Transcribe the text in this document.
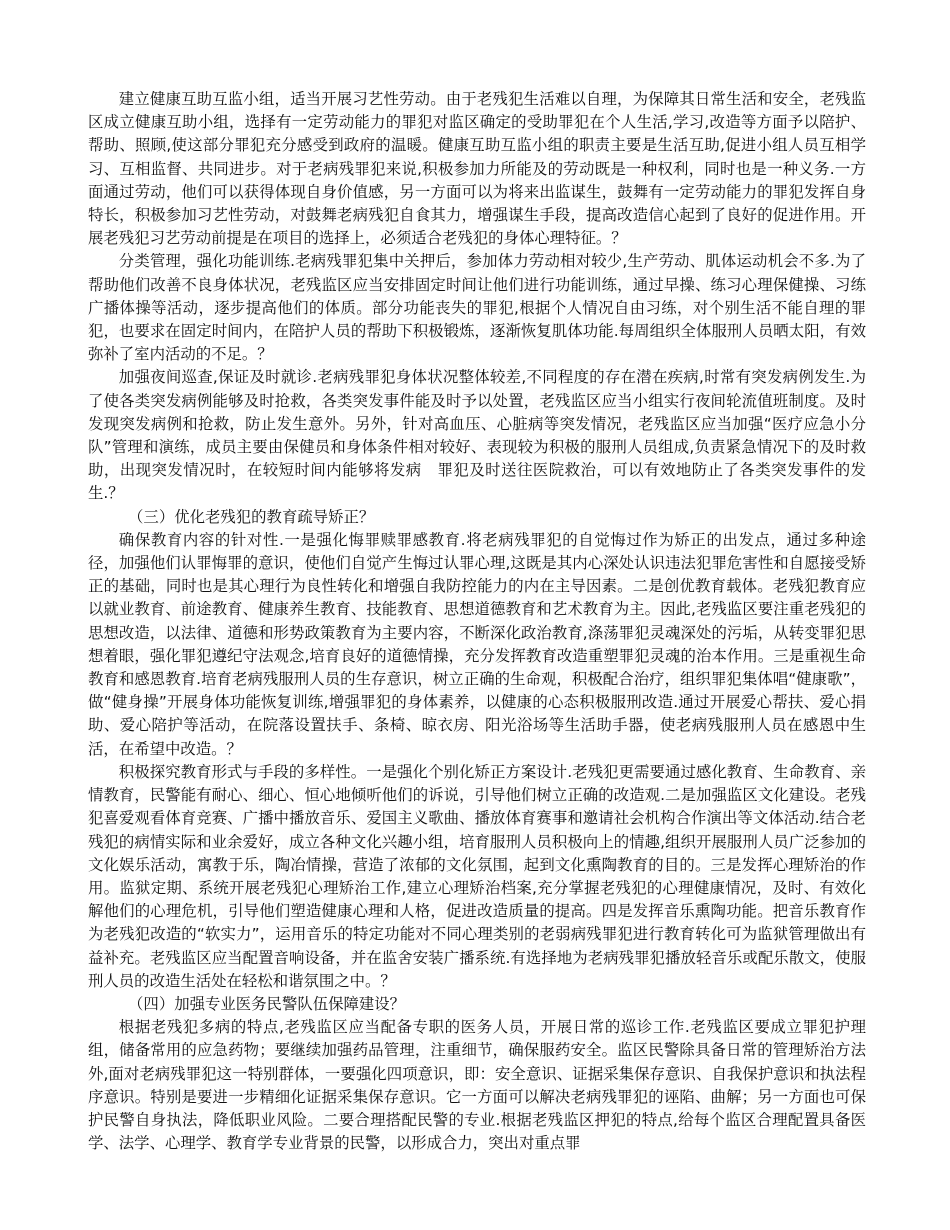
建立健康互助互监小组，适当开展习艺性劳动。由于老残犯生活难以自理，为保障其日常生活和安全，老残监区成立健康互助小组，选择有一定劳动能力的罪犯对监区确定的受助罪犯在个人生活,学习,改造等方面予以陪护、帮助、照顾,使这部分罪犯充分感受到政府的温暖。健康互助互监小组的职责主要是生活互助,促进小组人员互相学习、互相监督、共同进步。对于老病残罪犯来说,积极参加力所能及的劳动既是一种权利，同时也是一种义务.一方面通过劳动，他们可以获得体现自身价值感，另一方面可以为将来出监谋生，鼓舞有一定劳动能力的罪犯发挥自身特长，积极参加习艺性劳动，对鼓舞老病残犯自食其力，增强谋生手段，提高改造信心起到了良好的促进作用。开展老残犯习艺劳动前提是在项目的选择上，必须适合老残犯的身体心理特征。？

分类管理，强化功能训练.老病残罪犯集中关押后，参加体力劳动相对较少,生产劳动、肌体运动机会不多.为了帮助他们改善不良身体状况，老残监区应当安排固定时间让他们进行功能训练，通过早操、练习心理保健操、习练广播体操等活动，逐步提高他们的体质。部分功能丧失的罪犯,根据个人情况自由习练，对个别生活不能自理的罪犯，也要求在固定时间内，在陪护人员的帮助下积极锻炼，逐渐恢复肌体功能.每周组织全体服刑人员晒太阳，有效弥补了室内活动的不足。？

加强夜间巡查,保证及时就诊.老病残罪犯身体状况整体较差,不同程度的存在潜在疾病,时常有突发病例发生.为了使各类突发病例能够及时抢救，各类突发事件能及时予以处置，老残监区应当小组实行夜间轮流值班制度。及时发现突发病例和抢救，防止发生意外。另外，针对高血压、心脏病等突发情况，老残监区应当加强“医疗应急小分队”管理和演练，成员主要由保健员和身体条件相对较好、表现较为积极的服刑人员组成,负责紧急情况下的及时救助，出现突发情况时，在较短时间内能够将发病　罪犯及时送往医院救治，可以有效地防止了各类突发事件的发生.？

（三）优化老残犯的教育疏导矫正？

确保教育内容的针对性.一是强化悔罪赎罪感教育.将老病残罪犯的自觉悔过作为矫正的出发点，通过多种途径，加强他们认罪悔罪的意识，使他们自觉产生悔过认罪心理,这既是其内心深处认识违法犯罪危害性和自愿接受矫正的基础，同时也是其心理行为良性转化和增强自我防控能力的内在主导因素。二是创优教育载体。老残犯教育应以就业教育、前途教育、健康养生教育、技能教育、思想道德教育和艺术教育为主。因此,老残监区要注重老残犯的思想改造，以法律、道德和形势政策教育为主要内容，不断深化政治教育,涤荡罪犯灵魂深处的污垢，从转变罪犯思想着眼，强化罪犯遵纪守法观念,培育良好的道德情操，充分发挥教育改造重塑罪犯灵魂的治本作用。三是重视生命教育和感恩教育.培育老病残服刑人员的生存意识，树立正确的生命观，积极配合治疗，组织罪犯集体唱“健康歌”，做“健身操”开展身体功能恢复训练,增强罪犯的身体素养，以健康的心态积极服刑改造.通过开展爱心帮扶、爱心捐助、爱心陪护等活动，在院落设置扶手、条椅、晾衣房、阳光浴场等生活助手器，使老病残服刑人员在感恩中生活，在希望中改造。？

积极探究教育形式与手段的多样性。一是强化个别化矫正方案设计.老残犯更需要通过感化教育、生命教育、亲情教育，民警能有耐心、细心、恒心地倾听他们的诉说，引导他们树立正确的改造观.二是加强监区文化建设。老残犯喜爱观看体育竞赛、广播中播放音乐、爱国主义歌曲、播放体育赛事和邀请社会机构合作演出等文体活动.结合老残犯的病情实际和业余爱好，成立各种文化兴趣小组，培育服刑人员积极向上的情趣,组织开展服刑人员广泛参加的文化娱乐活动，寓教于乐，陶冶情操，营造了浓郁的文化氛围，起到文化熏陶教育的目的。三是发挥心理矫治的作用。监狱定期、系统开展老残犯心理矫治工作,建立心理矫治档案,充分掌握老残犯的心理健康情况，及时、有效化解他们的心理危机，引导他们塑造健康心理和人格，促进改造质量的提高。四是发挥音乐熏陶功能。把音乐教育作为老残犯改造的“软实力”，运用音乐的特定功能对不同心理类别的老弱病残罪犯进行教育转化可为监狱管理做出有益补充。老残监区应当配置音响设备，并在监舍安装广播系统.有选择地为老病残罪犯播放轻音乐或配乐散文，使服刑人员的改造生活处在轻松和谐氛围之中。？

（四）加强专业医务民警队伍保障建设？

根据老残犯多病的特点,老残监区应当配备专职的医务人员，开展日常的巡诊工作.老残监区要成立罪犯护理组，储备常用的应急药物；要继续加强药品管理，注重细节，确保服药安全。监区民警除具备日常的管理矫治方法外,面对老病残罪犯这一特别群体，一要强化四项意识，即：安全意识、证据采集保存意识、自我保护意识和执法程序意识。特别是要进一步精细化证据采集保存意识。它一方面可以解决老病残罪犯的诬陷、曲解；另一方面也可保护民警自身执法，降低职业风险。二要合理搭配民警的专业.根据老残监区押犯的特点,给每个监区合理配置具备医学、法学、心理学、教育学专业背景的民警，以形成合力，突出对重点罪
